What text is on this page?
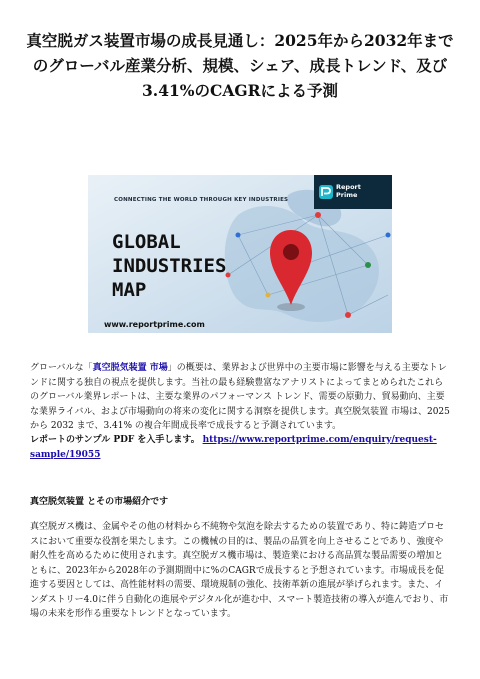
真空脱ガス装置市場の成長見通し：2025年から2032年までのグローバル産業分析、規模、シェア、成長トレンド、及び3.41%のCAGRによる予測
CONNECTING THE WORLD THROUGH KEY INDUSTRIES
GLOBAL
INDUSTRIES
MAP
www.reportprime.com
Report
Prime

グローバルな「真空脱気装置 市場」の概要は、業界および世界中の主要市場に影響を与える主要なトレンドに関する独自の視点を提供します。当社の最も経験豊富なアナリストによってまとめられたこれらのグローバル業界レポートは、主要な業界のパフォーマンス トレンド、需要の原動力、貿易動向、主要な業界ライバル、および市場動向の将来の変化に関する洞察を提供します。真空脱気装置 市場は、2025 から 2032 まで、3.41% の複合年間成長率で成長すると予測されています。

レポートのサンプル PDF を入手します。 https://www.reportprime.com/enquiry/request-sample/19055

真空脱気装置 とその市場紹介です

真空脱ガス機は、金属やその他の材料から不純物や気泡を除去するための装置であり、特に鋳造プロセスにおいて重要な役割を果たします。この機械の目的は、製品の品質を向上させることであり、強度や耐久性を高めるために使用されます。真空脱ガス機市場は、製造業における高品質な製品需要の増加とともに、2023年から2028年の予測期間中に%のCAGRで成長すると予想されています。市場成長を促進する要因としては、高性能材料の需要、環境規制の強化、技術革新の進展が挙げられます。また、インダストリー4.0に伴う自動化の進展やデジタル化が進む中、スマート製造技術の導入が進んでおり、市場の未来を形作る重要なトレンドとなっています。
